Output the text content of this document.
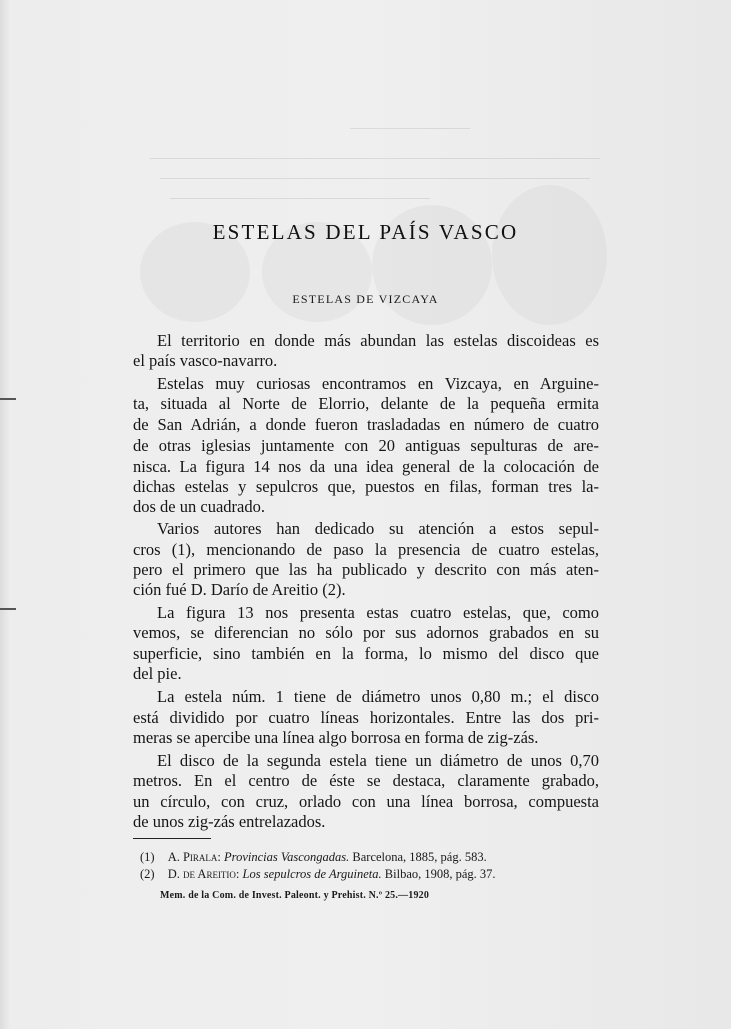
ESTELAS DEL PAÍS VASCO
ESTELAS DE VIZCAYA
El territorio en donde más abundan las estelas discoideas es
el país vasco-navarro.
Estelas muy curiosas encontramos en Vizcaya, en Arguine-
ta, situada al Norte de Elorrio, delante de la pequeña ermita
de San Adrián, a donde fueron trasladadas en número de cuatro
de otras iglesias juntamente con 20 antiguas sepulturas de are-
nisca. La figura 14 nos da una idea general de la colocación de
dichas estelas y sepulcros que, puestos en filas, forman tres la-
dos de un cuadrado.
Varios autores han dedicado su atención a estos sepul-
cros (1), mencionando de paso la presencia de cuatro estelas,
pero el primero que las ha publicado y descrito con más aten-
ción fué D. Darío de Areitio (2).
La figura 13 nos presenta estas cuatro estelas, que, como
vemos, se diferencian no sólo por sus adornos grabados en su
superficie, sino también en la forma, lo mismo del disco que
del pie.
La estela núm. 1 tiene de diámetro unos 0,80 m.; el disco
está dividido por cuatro líneas horizontales. Entre las dos pri-
meras se apercibe una línea algo borrosa en forma de zig-zás.
El disco de la segunda estela tiene un diámetro de unos 0,70
metros. En el centro de éste se destaca, claramente grabado,
un círculo, con cruz, orlado con una línea borrosa, compuesta
de unos zig-zás entrelazados.
(1) A. Pirala: Provincias Vascongadas. Barcelona, 1885, pág. 583.
(2) D. de Areitio: Los sepulcros de Arguineta. Bilbao, 1908, pág. 37.
Mem. de la Com. de Invest. Paleont. y Prehist. N.º 25.—1920
